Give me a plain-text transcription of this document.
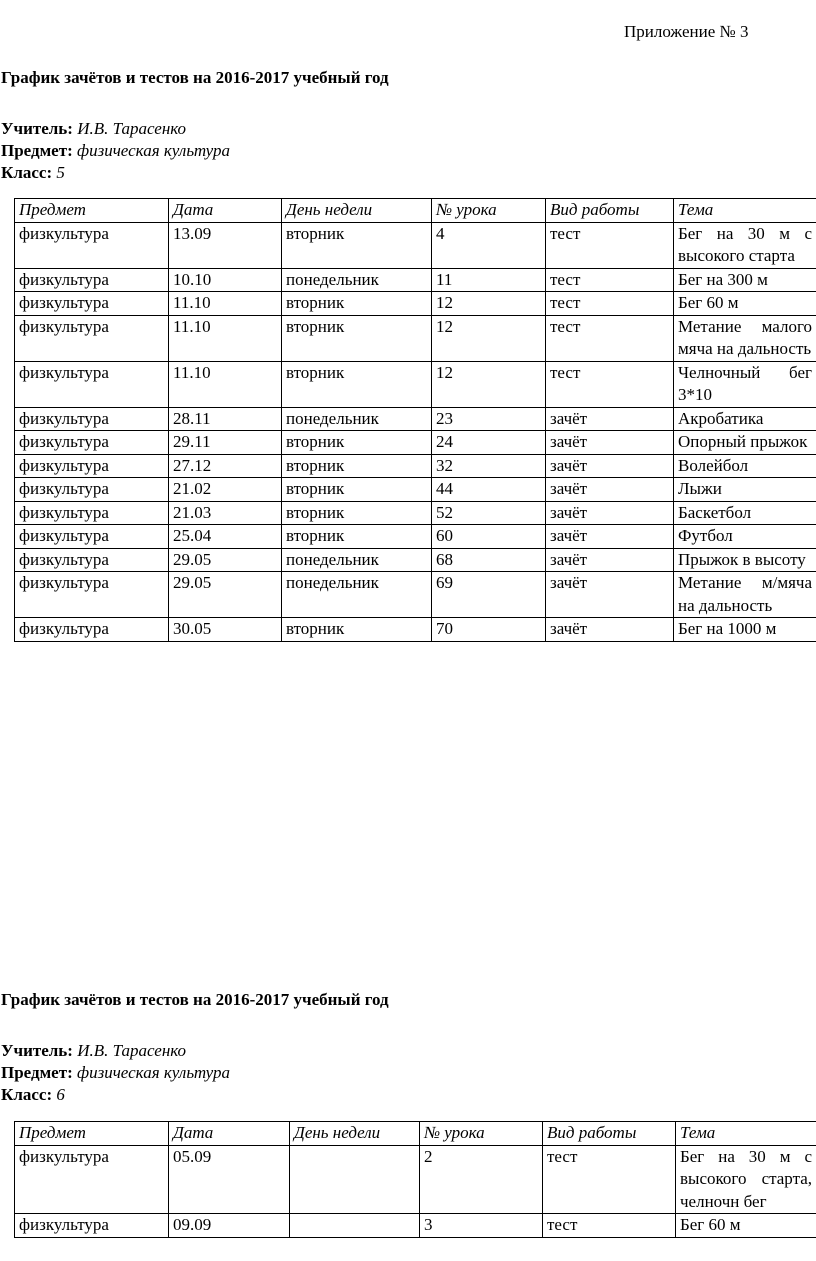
Приложение № 3
График зачётов и тестов на 2016-2017 учебный год
Учитель: И.В. Тарасенко
Предмет: физическая культура
Класс: 5
Предмет	Дата	День недели	№ урока	Вид работы	Тема
физкультура	13.09	вторник	4	тест	Бег на 30 м с высокого старта
физкультура	10.10	понедельник	11	тест	Бег на 300 м
физкультура	11.10	вторник	12	тест	Бег 60 м
физкультура	11.10	вторник	12	тест	Метание малого мяча на дальность
физкультура	11.10	вторник	12	тест	Челночный бег 3*10
физкультура	28.11	понедельник	23	зачёт	Акробатика
физкультура	29.11	вторник	24	зачёт	Опорный прыжок
физкультура	27.12	вторник	32	зачёт	Волейбол
физкультура	21.02	вторник	44	зачёт	Лыжи
физкультура	21.03	вторник	52	зачёт	Баскетбол
физкультура	25.04	вторник	60	зачёт	Футбол
физкультура	29.05	понедельник	68	зачёт	Прыжок в высоту
физкультура	29.05	понедельник	69	зачёт	Метание м/мяча на дальность
физкультура	30.05	вторник	70	зачёт	Бег на 1000 м
График зачётов и тестов на 2016-2017 учебный год
Учитель: И.В. Тарасенко
Предмет: физическая культура
Класс: 6
Предмет	Дата	День недели	№ урока	Вид работы	Тема
физкультура	05.09		2	тест	Бег на 30 м с высокого старта, челночн бег
физкультура	09.09		3	тест	Бег 60 м
